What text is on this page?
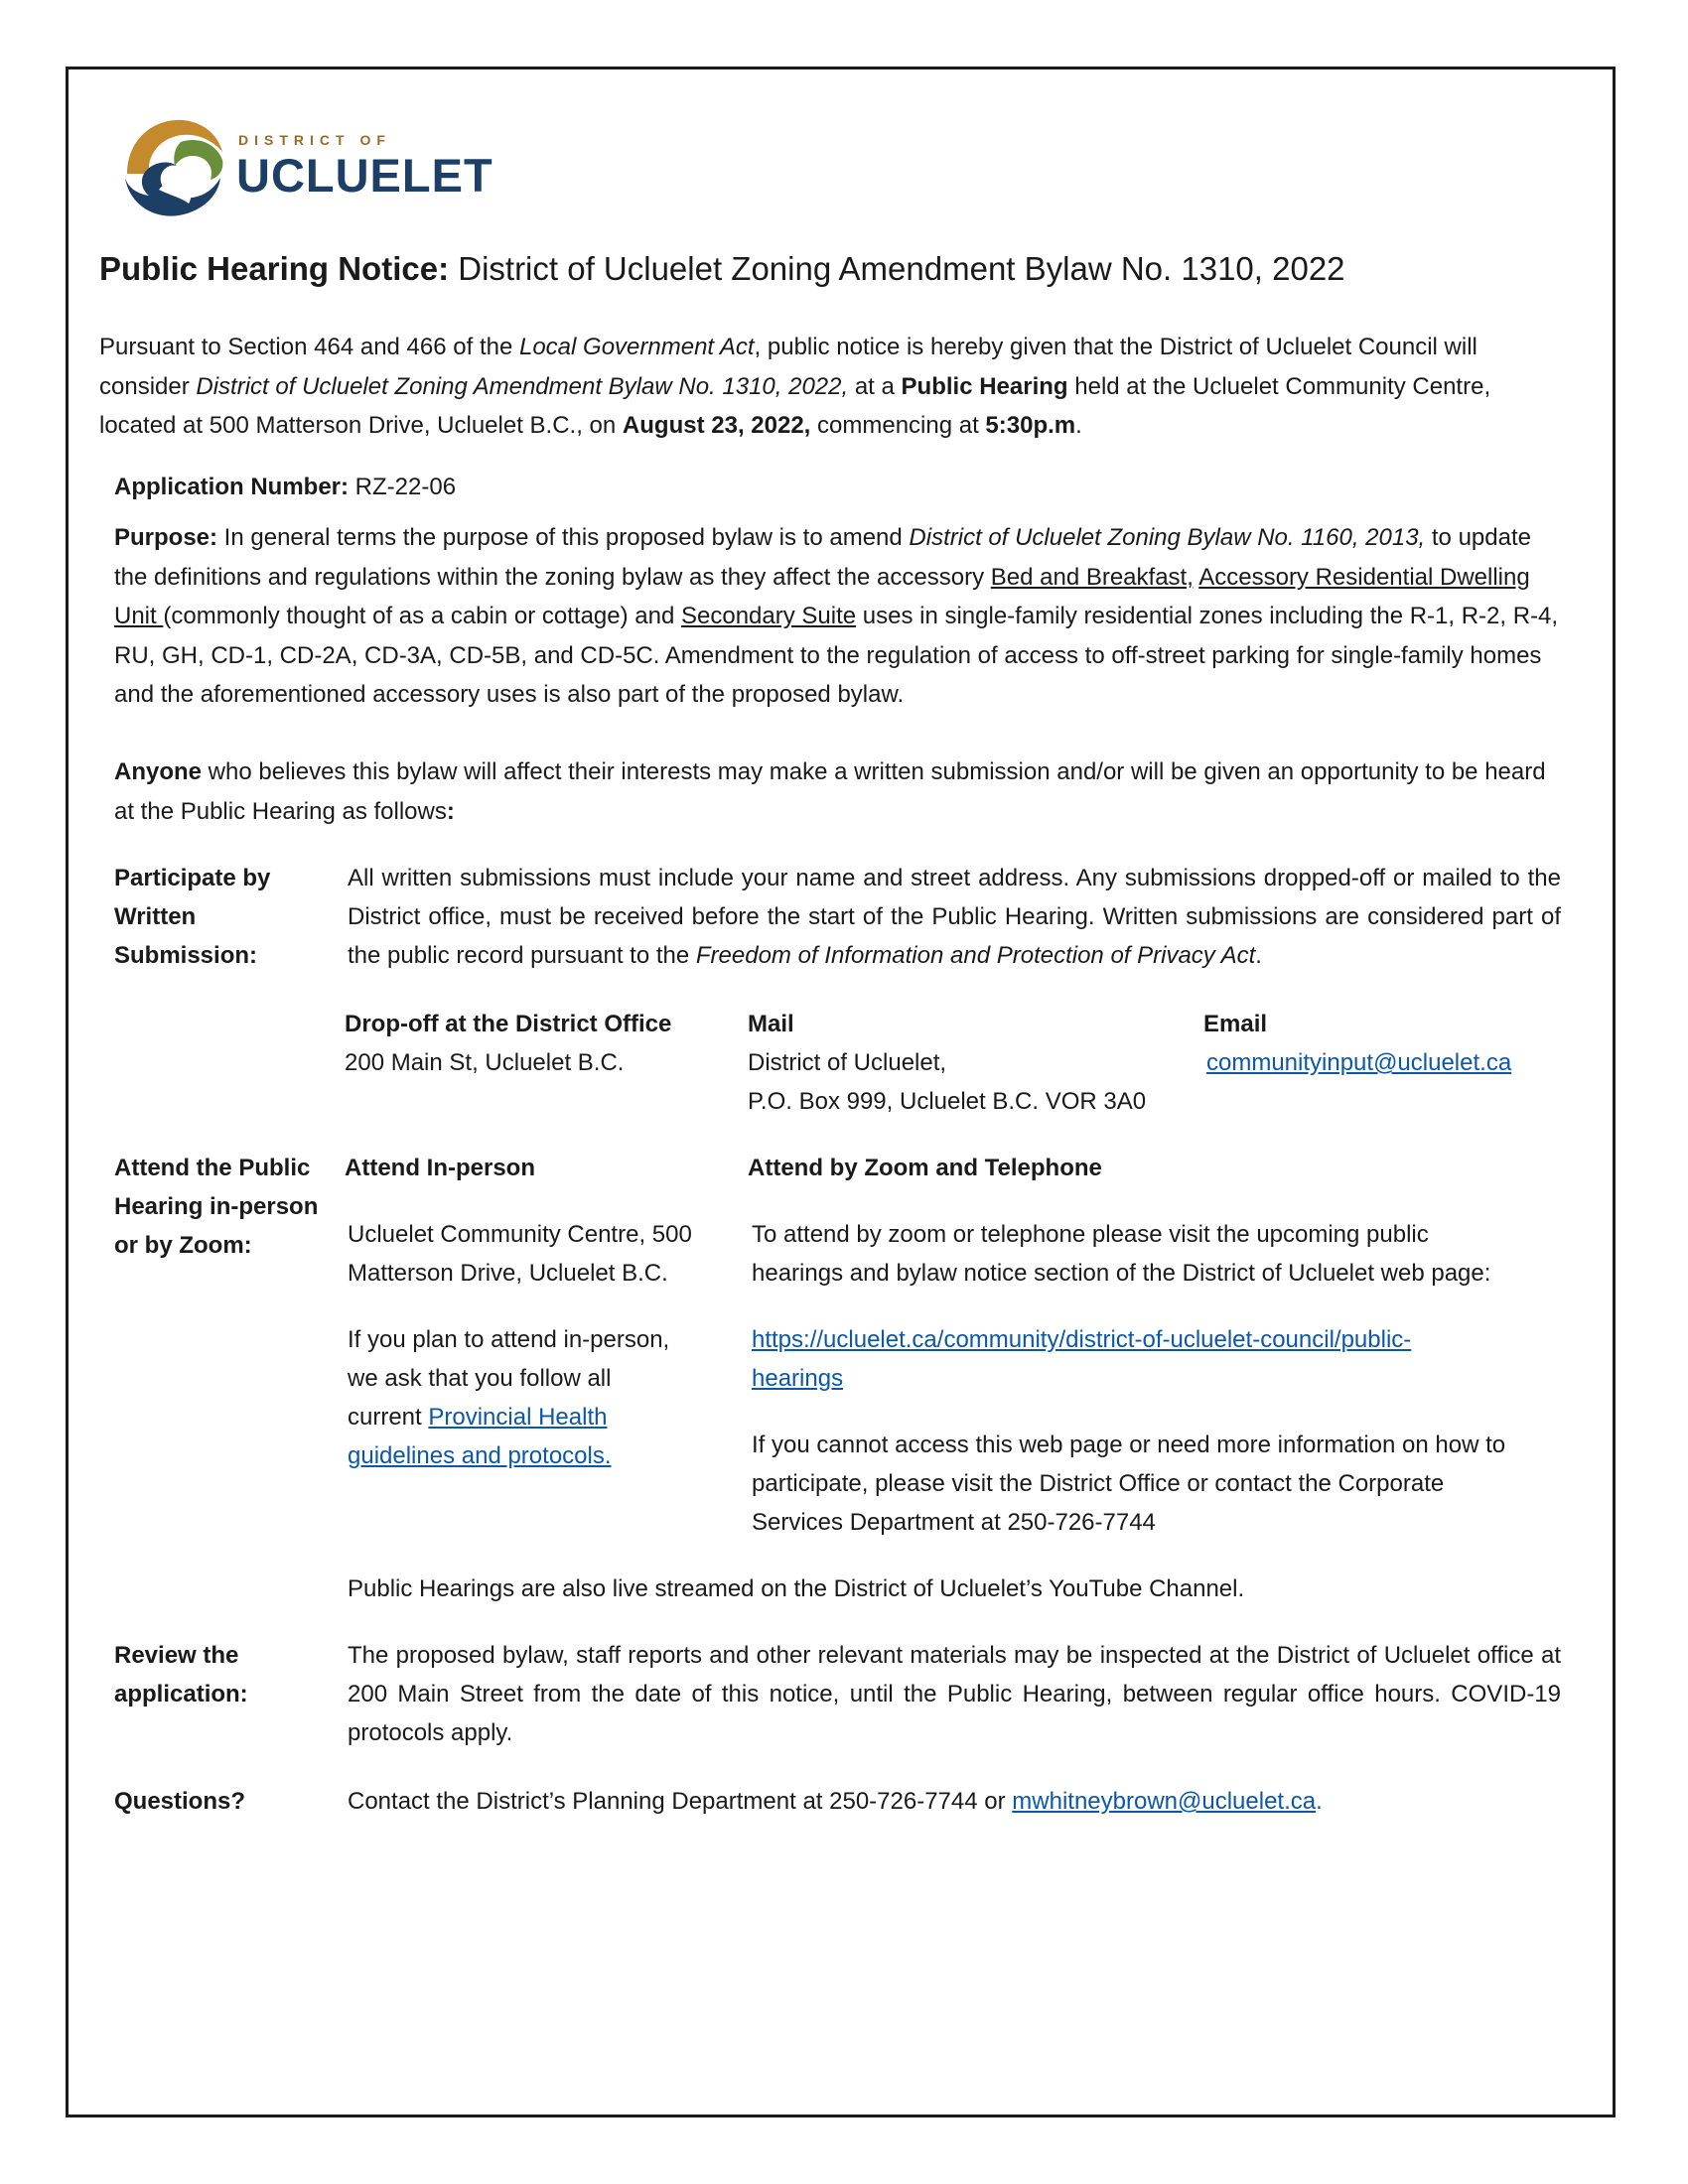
DISTRICT OF
UCLUELET
Public Hearing Notice: District of Ucluelet Zoning Amendment Bylaw No. 1310, 2022

Pursuant to Section 464 and 466 of the Local Government Act, public notice is hereby given that the District of Ucluelet Council will consider District of Ucluelet Zoning Amendment Bylaw No. 1310, 2022, at a Public Hearing held at the Ucluelet Community Centre, located at 500 Matterson Drive, Ucluelet B.C., on August 23, 2022, commencing at 5:30p.m.

Application Number: RZ-22-06

Purpose: In general terms the purpose of this proposed bylaw is to amend District of Ucluelet Zoning Bylaw No. 1160, 2013, to update the definitions and regulations within the zoning bylaw as they affect the accessory Bed and Breakfast, Accessory Residential Dwelling Unit (commonly thought of as a cabin or cottage) and Secondary Suite uses in single-family residential zones including the R-1, R-2, R-4, RU, GH, CD-1, CD-2A, CD-3A, CD-5B, and CD-5C. Amendment to the regulation of access to off-street parking for single-family homes and the aforementioned accessory uses is also part of the proposed bylaw.

Anyone who believes this bylaw will affect their interests may make a written submission and/or will be given an opportunity to be heard at the Public Hearing as follows:

Participate by
Written
Submission:
All written submissions must include your name and street address. Any submissions dropped-off or mailed to the District office, must be received before the start of the Public Hearing. Written submissions are considered part of the public record pursuant to the Freedom of Information and Protection of Privacy Act.
Drop-off at the District Office
200 Main St, Ucluelet B.C.
Mail
District of Ucluelet,
P.O. Box 999, Ucluelet B.C. VOR 3A0
Email
communityinput@ucluelet.ca
Attend the Public
Hearing in-person
or by Zoom:
Attend In-person
Ucluelet Community Centre, 500
Matterson Drive, Ucluelet B.C.
If you plan to attend in-person,
we ask that you follow all
current Provincial Health
guidelines and protocols.
Attend by Zoom and Telephone
To attend by zoom or telephone please visit the upcoming public
hearings and bylaw notice section of the District of Ucluelet web page:
https://ucluelet.ca/community/district-of-ucluelet-council/public-
hearings
If you cannot access this web page or need more information on how to
participate, please visit the District Office or contact the Corporate
Services Department at 250-726-7744
Public Hearings are also live streamed on the District of Ucluelet’s YouTube Channel.
Review the
application:
The proposed bylaw, staff reports and other relevant materials may be inspected at the District of Ucluelet office at 200 Main Street from the date of this notice, until the Public Hearing, between regular office hours. COVID-19 protocols apply.
Questions?	Contact the District’s Planning Department at 250-726-7744 or mwhitneybrown@ucluelet.ca.
